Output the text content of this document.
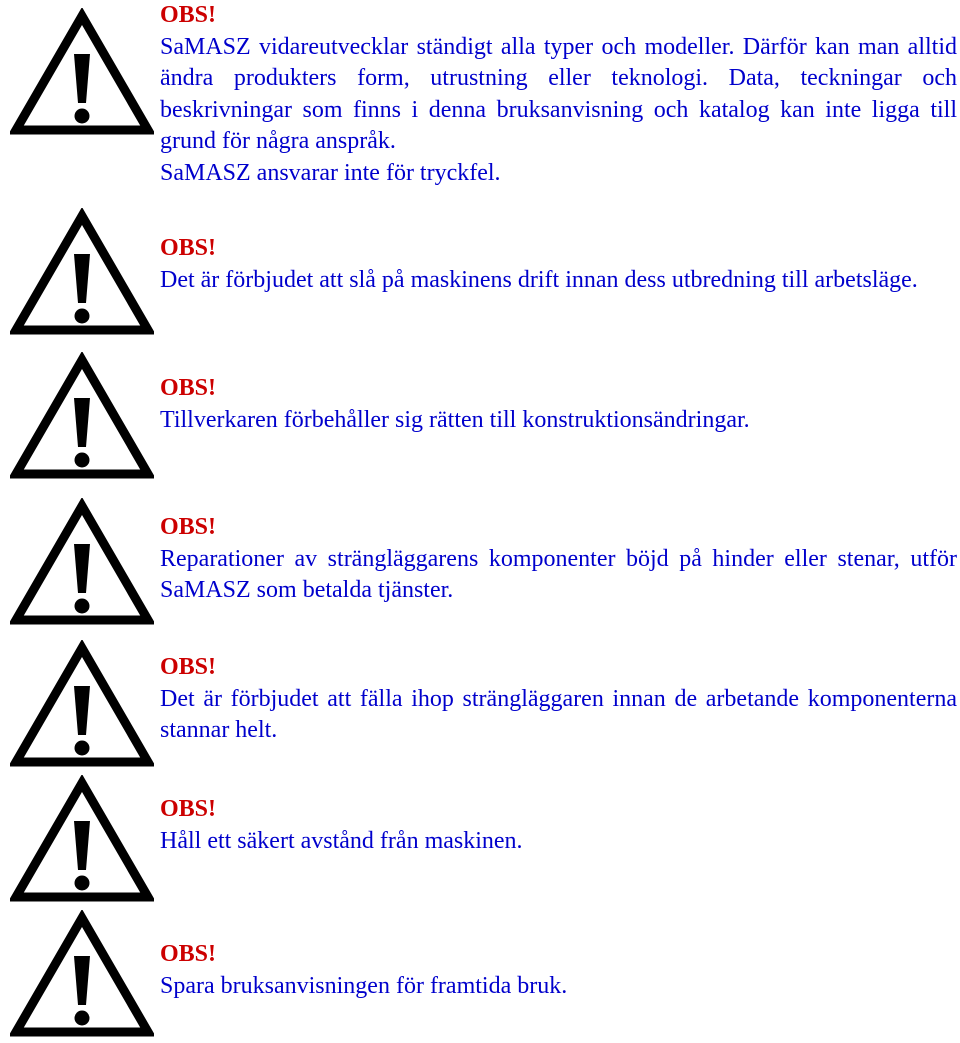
OBS!
SaMASZ vidareutvecklar ständigt alla typer och modeller. Därför kan man alltid ändra produkters form, utrustning eller teknologi. Data, teckningar och beskrivningar som finns i denna bruksanvisning och katalog kan inte ligga till grund för några anspråk.
SaMASZ ansvarar inte för tryckfel.
OBS!
Det är förbjudet att slå på maskinens drift innan dess utbredning till arbetsläge.
OBS!
Tillverkaren förbehåller sig rätten till konstruktionsändringar.
OBS!
Reparationer av strängläggarens komponenter böjd på hinder eller stenar, utför SaMASZ som betalda tjänster.
OBS!
Det är förbjudet att fälla ihop strängläggaren innan de arbetande komponenterna stannar helt.
OBS!
Håll ett säkert avstånd från maskinen.
OBS!
Spara bruksanvisningen för framtida bruk.
